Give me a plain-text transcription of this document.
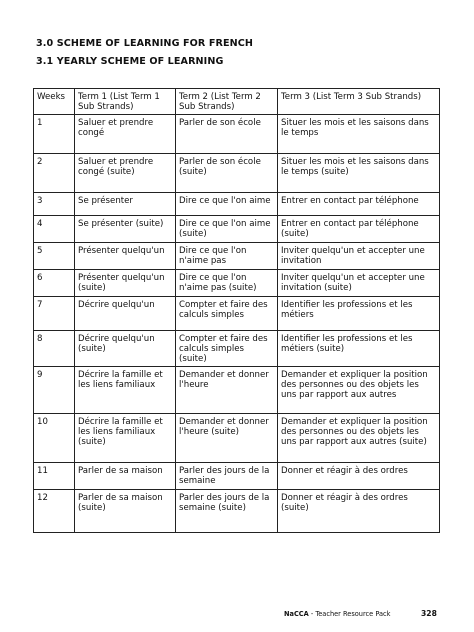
3.0 SCHEME OF LEARNING FOR FRENCH
3.1 YEARLY SCHEME OF LEARNING
Weeks	Term 1 (List Term 1 Sub Strands)	Term 2 (List Term 2 Sub Strands)	Term 3 (List Term 3 Sub Strands)
1	Saluer et prendre congé	Parler de son école	Situer les mois et les saisons dans le temps
2	Saluer et prendre congé (suite)	Parler de son école (suite)	Situer les mois et les saisons dans le temps (suite)
3	Se présenter	Dire ce que l'on aime	Entrer en contact par téléphone
4	Se présenter (suite)	Dire ce que l'on aime (suite)	Entrer en contact par téléphone (suite)
5	Présenter quelqu'un	Dire ce que l'on n'aime pas	Inviter quelqu'un et accepter une invitation
6	Présenter quelqu'un (suite)	Dire ce que l'on n'aime pas (suite)	Inviter quelqu'un et accepter une invitation (suite)
7	Décrire quelqu'un	Compter et faire des calculs simples	Identifier les professions et les métiers
8	Décrire quelqu'un (suite)	Compter et faire des calculs simples (suite)	Identifier les professions et les métiers (suite)
9	Décrire la famille et les liens familiaux	Demander et donner l'heure	Demander et expliquer la position des personnes ou des objets les uns par rapport aux autres
10	Décrire la famille et les liens familiaux (suite)	Demander et donner l'heure (suite)	Demander et expliquer la position des personnes ou des objets les uns par rapport aux autres (suite)
11	Parler de sa maison	Parler des jours de la semaine	Donner et réagir à des ordres
12	Parler de sa maison (suite)	Parler des jours de la semaine (suite)	Donner et réagir à des ordres (suite)
NaCCA - Teacher Resource Pack	328
